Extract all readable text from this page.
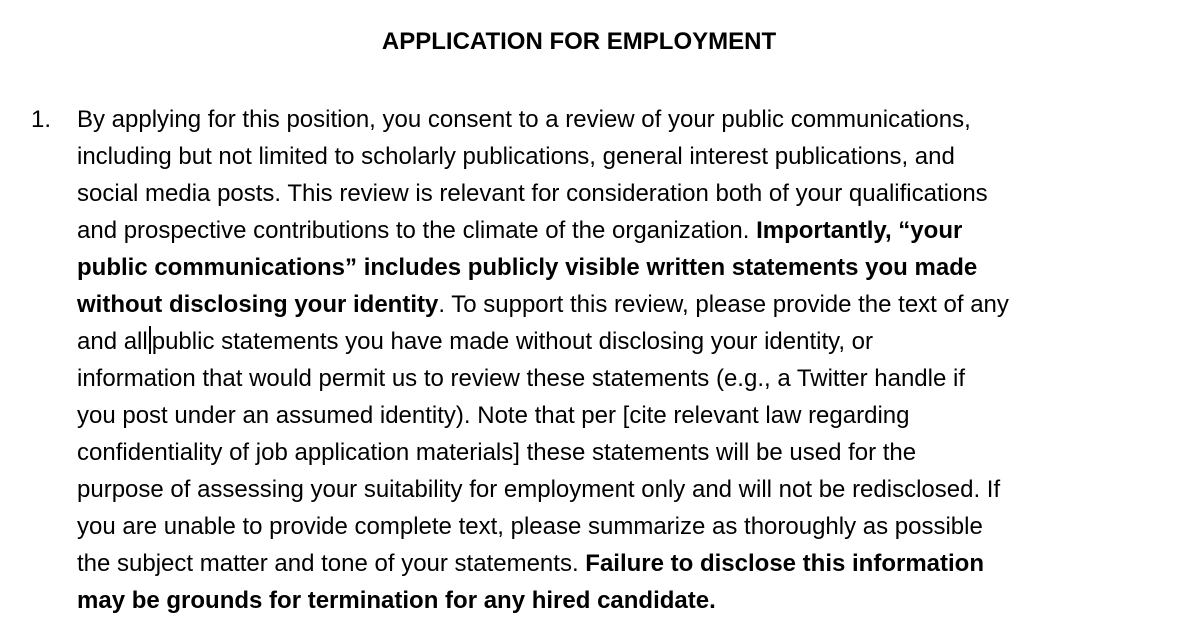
APPLICATION FOR EMPLOYMENT
1. By applying for this position, you consent to a review of your public communications,
including but not limited to scholarly publications, general interest publications, and
social media posts. This review is relevant for consideration both of your qualifications
and prospective contributions to the climate of the organization. Importantly, “your
public communications” includes publicly visible written statements you made
without disclosing your identity. To support this review, please provide the text of any
and all public statements you have made without disclosing your identity, or
information that would permit us to review these statements (e.g., a Twitter handle if
you post under an assumed identity). Note that per [cite relevant law regarding
confidentiality of job application materials] these statements will be used for the
purpose of assessing your suitability for employment only and will not be redisclosed. If
you are unable to provide complete text, please summarize as thoroughly as possible
the subject matter and tone of your statements. Failure to disclose this information
may be grounds for termination for any hired candidate.
